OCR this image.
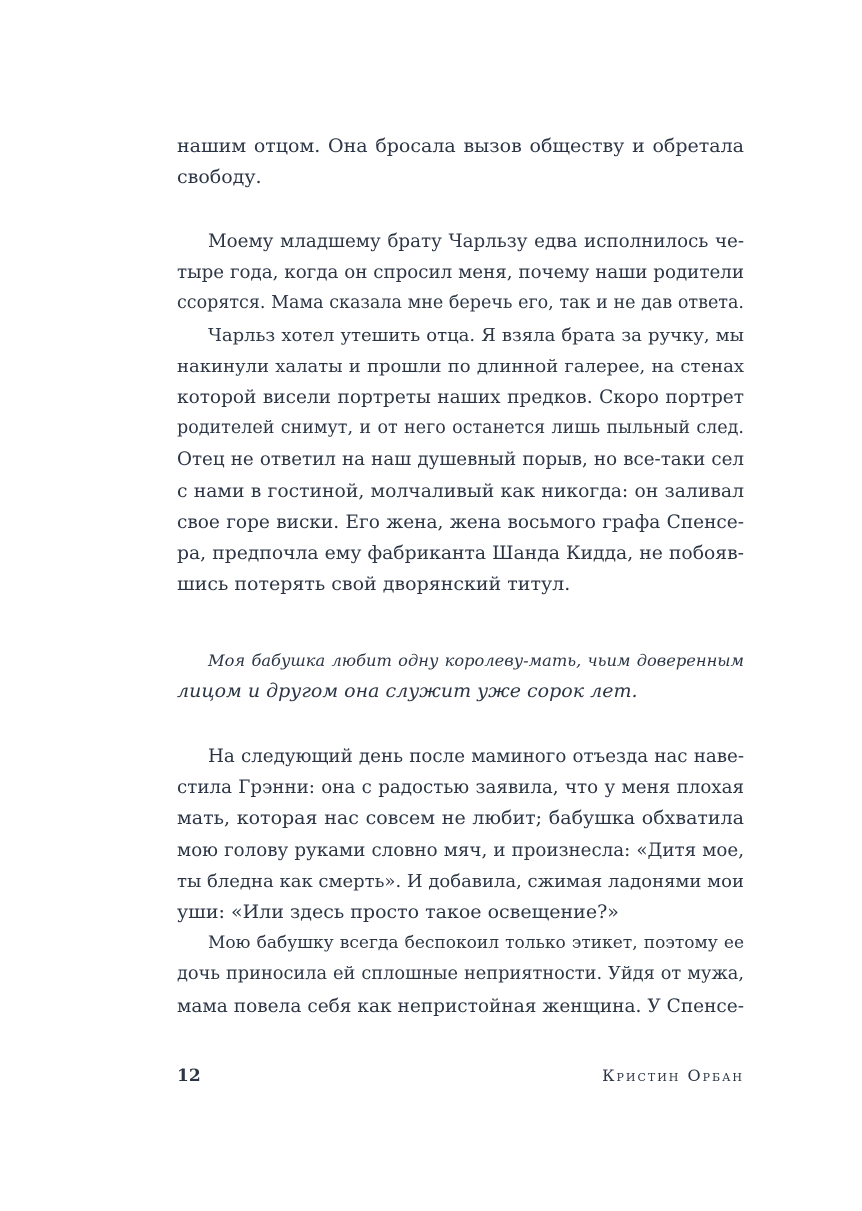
нашим отцом. Она бросала вызов обществу и обретала
свободу.
Моему младшему брату Чарльзу едва исполнилось че-
тыре года, когда он спросил меня, почему наши родители
ссорятся. Мама сказала мне беречь его, так и не дав ответа.
Чарльз хотел утешить отца. Я взяла брата за ручку, мы
накинули халаты и прошли по длинной галерее, на стенах
которой висели портреты наших предков. Скоро портрет
родителей снимут, и от него останется лишь пыльный след.
Отец не ответил на наш душевный порыв, но все-таки сел
с нами в гостиной, молчаливый как никогда: он заливал
свое горе виски. Его жена, жена восьмого графа Спенсе-
ра, предпочла ему фабриканта Шанда Кидда, не побояв-
шись потерять свой дворянский титул.
Моя бабушка любит одну королеву-мать, чьим доверенным
лицом и другом она служит уже сорок лет.
На следующий день после маминого отъезда нас наве-
стила Грэнни: она с радостью заявила, что у меня плохая
мать, которая нас совсем не любит; бабушка обхватила
мою голову руками словно мяч, и произнесла: «Дитя мое,
ты бледна как смерть». И добавила, сжимая ладонями мои
уши: «Или здесь просто такое освещение?»
Мою бабушку всегда беспокоил только этикет, поэтому ее
дочь приносила ей сплошные неприятности. Уйдя от мужа,
мама повела себя как непристойная женщина. У Спенсе-
12	Кристин Орбан
